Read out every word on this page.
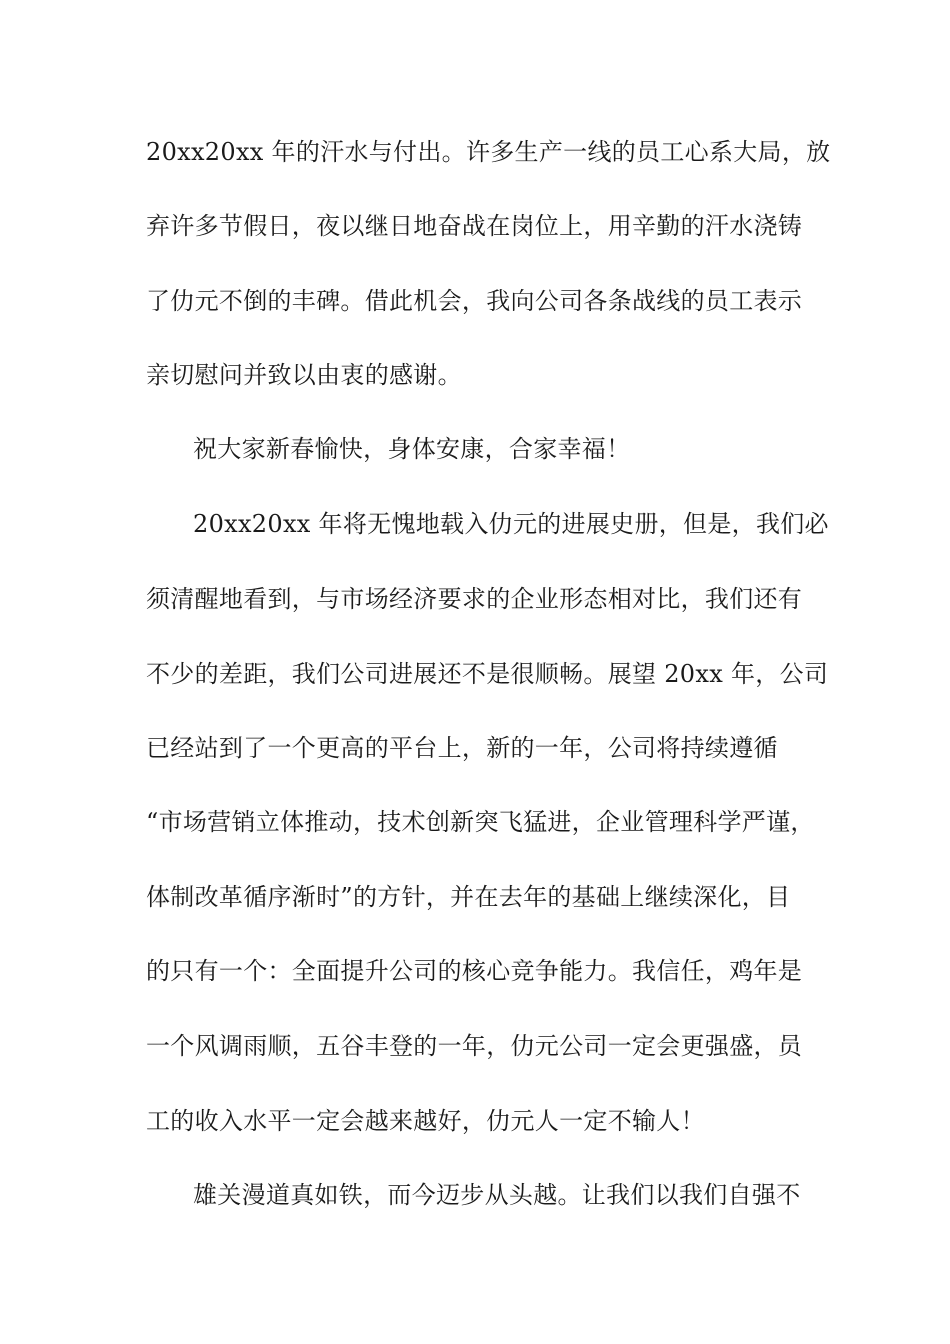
20xx20xx 年的汗水与付出。许多生产一线的员工心系大局，放
弃许多节假日，夜以继日地奋战在岗位上，用辛勤的汗水浇铸
了仂元不倒的丰碑。借此机会，我向公司各条战线的员工表示
亲切慰问并致以由衷的感谢。
祝大家新春愉快，身体安康，合家幸福！
20xx20xx 年将无愧地载入仂元的进展史册，但是，我们必
须清醒地看到，与市场经济要求的企业形态相对比，我们还有
不少的差距，我们公司进展还不是很顺畅。展望 20xx 年，公司
已经站到了一个更高的平台上，新的一年，公司将持续遵循
“市场营销立体推动，技术创新突飞猛进，企业管理科学严谨，
体制改革循序渐时”的方针，并在去年的基础上继续深化，目
的只有一个：全面提升公司的核心竞争能力。我信任，鸡年是
一个风调雨顺，五谷丰登的一年，仂元公司一定会更强盛，员
工的收入水平一定会越来越好，仂元人一定不输人！
雄关漫道真如铁，而今迈步从头越。让我们以我们自强不
